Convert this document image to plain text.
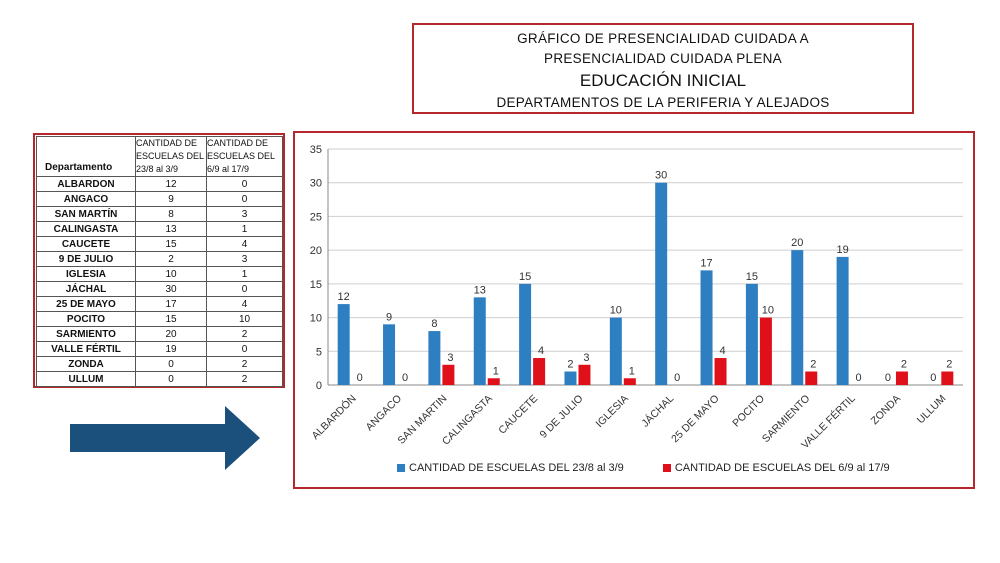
GRÁFICO DE PRESENCIALIDAD CUIDADA A
PRESENCIALIDAD CUIDADA PLENA
EDUCACIÓN INICIAL
DEPARTAMENTOS DE LA PERIFERIA Y ALEJADOS
Departamento	CANTIDAD DE ESCUELAS DEL 23/8 al 3/9	CANTIDAD DE ESCUELAS DEL 6/9 al 17/9
ALBARDON	12	0
ANGACO	9	0
SAN MARTÍN	8	3
CALINGASTA	13	1
CAUCETE	15	4
9 DE JULIO	2	3
IGLESIA	10	1
JÁCHAL	30	0
25 DE MAYO	17	4
POCITO	15	10
SARMIENTO	20	2
VALLE FÉRTIL	19	0
ZONDA	0	2
ULLUM	0	2
0
5
10
15
20
25
30
35
12
0
ALBARDÓN
9
0
ANGACO
8
3
SAN MARTIN
13
1
CALINGASTA
15
4
CAUCETE
2
3
9 DE JULIO
10
1
IGLESIA
30
0
JÁCHAL
17
4
25 DE MAYO
15
10
POCITO
20
2
SARMIENTO
19
0
VALLE FÉRTIL
0
2
ZONDA
0
2
ULLUM
CANTIDAD DE ESCUELAS DEL 23/8 al 3/9
	CANTIDAD DE ESCUELAS DEL 6/9 al 17/9
